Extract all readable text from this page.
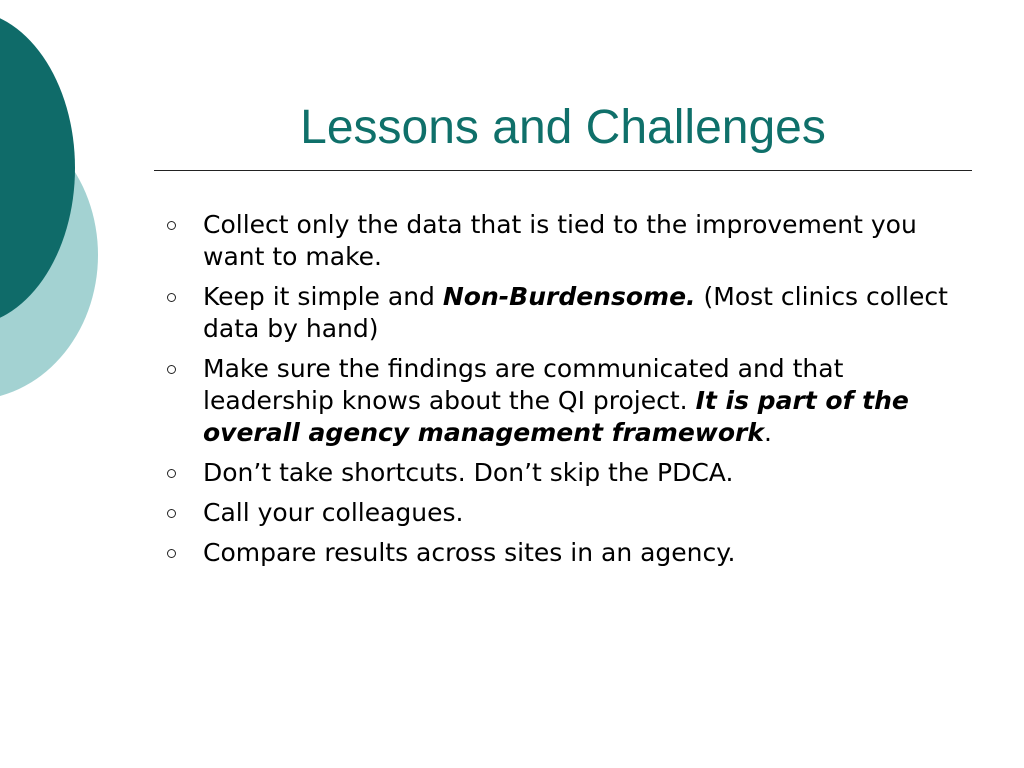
Lessons and Challenges
Collect only the data that is tied to the improvement you want to make.
Keep it simple and Non-Burdensome. (Most clinics collect data by hand)
Make sure the findings are communicated and that leadership knows about the QI project. It is part of the overall agency management framework.
Don’t take shortcuts. Don’t skip the PDCA.
Call your colleagues.
Compare results across sites in an agency.
